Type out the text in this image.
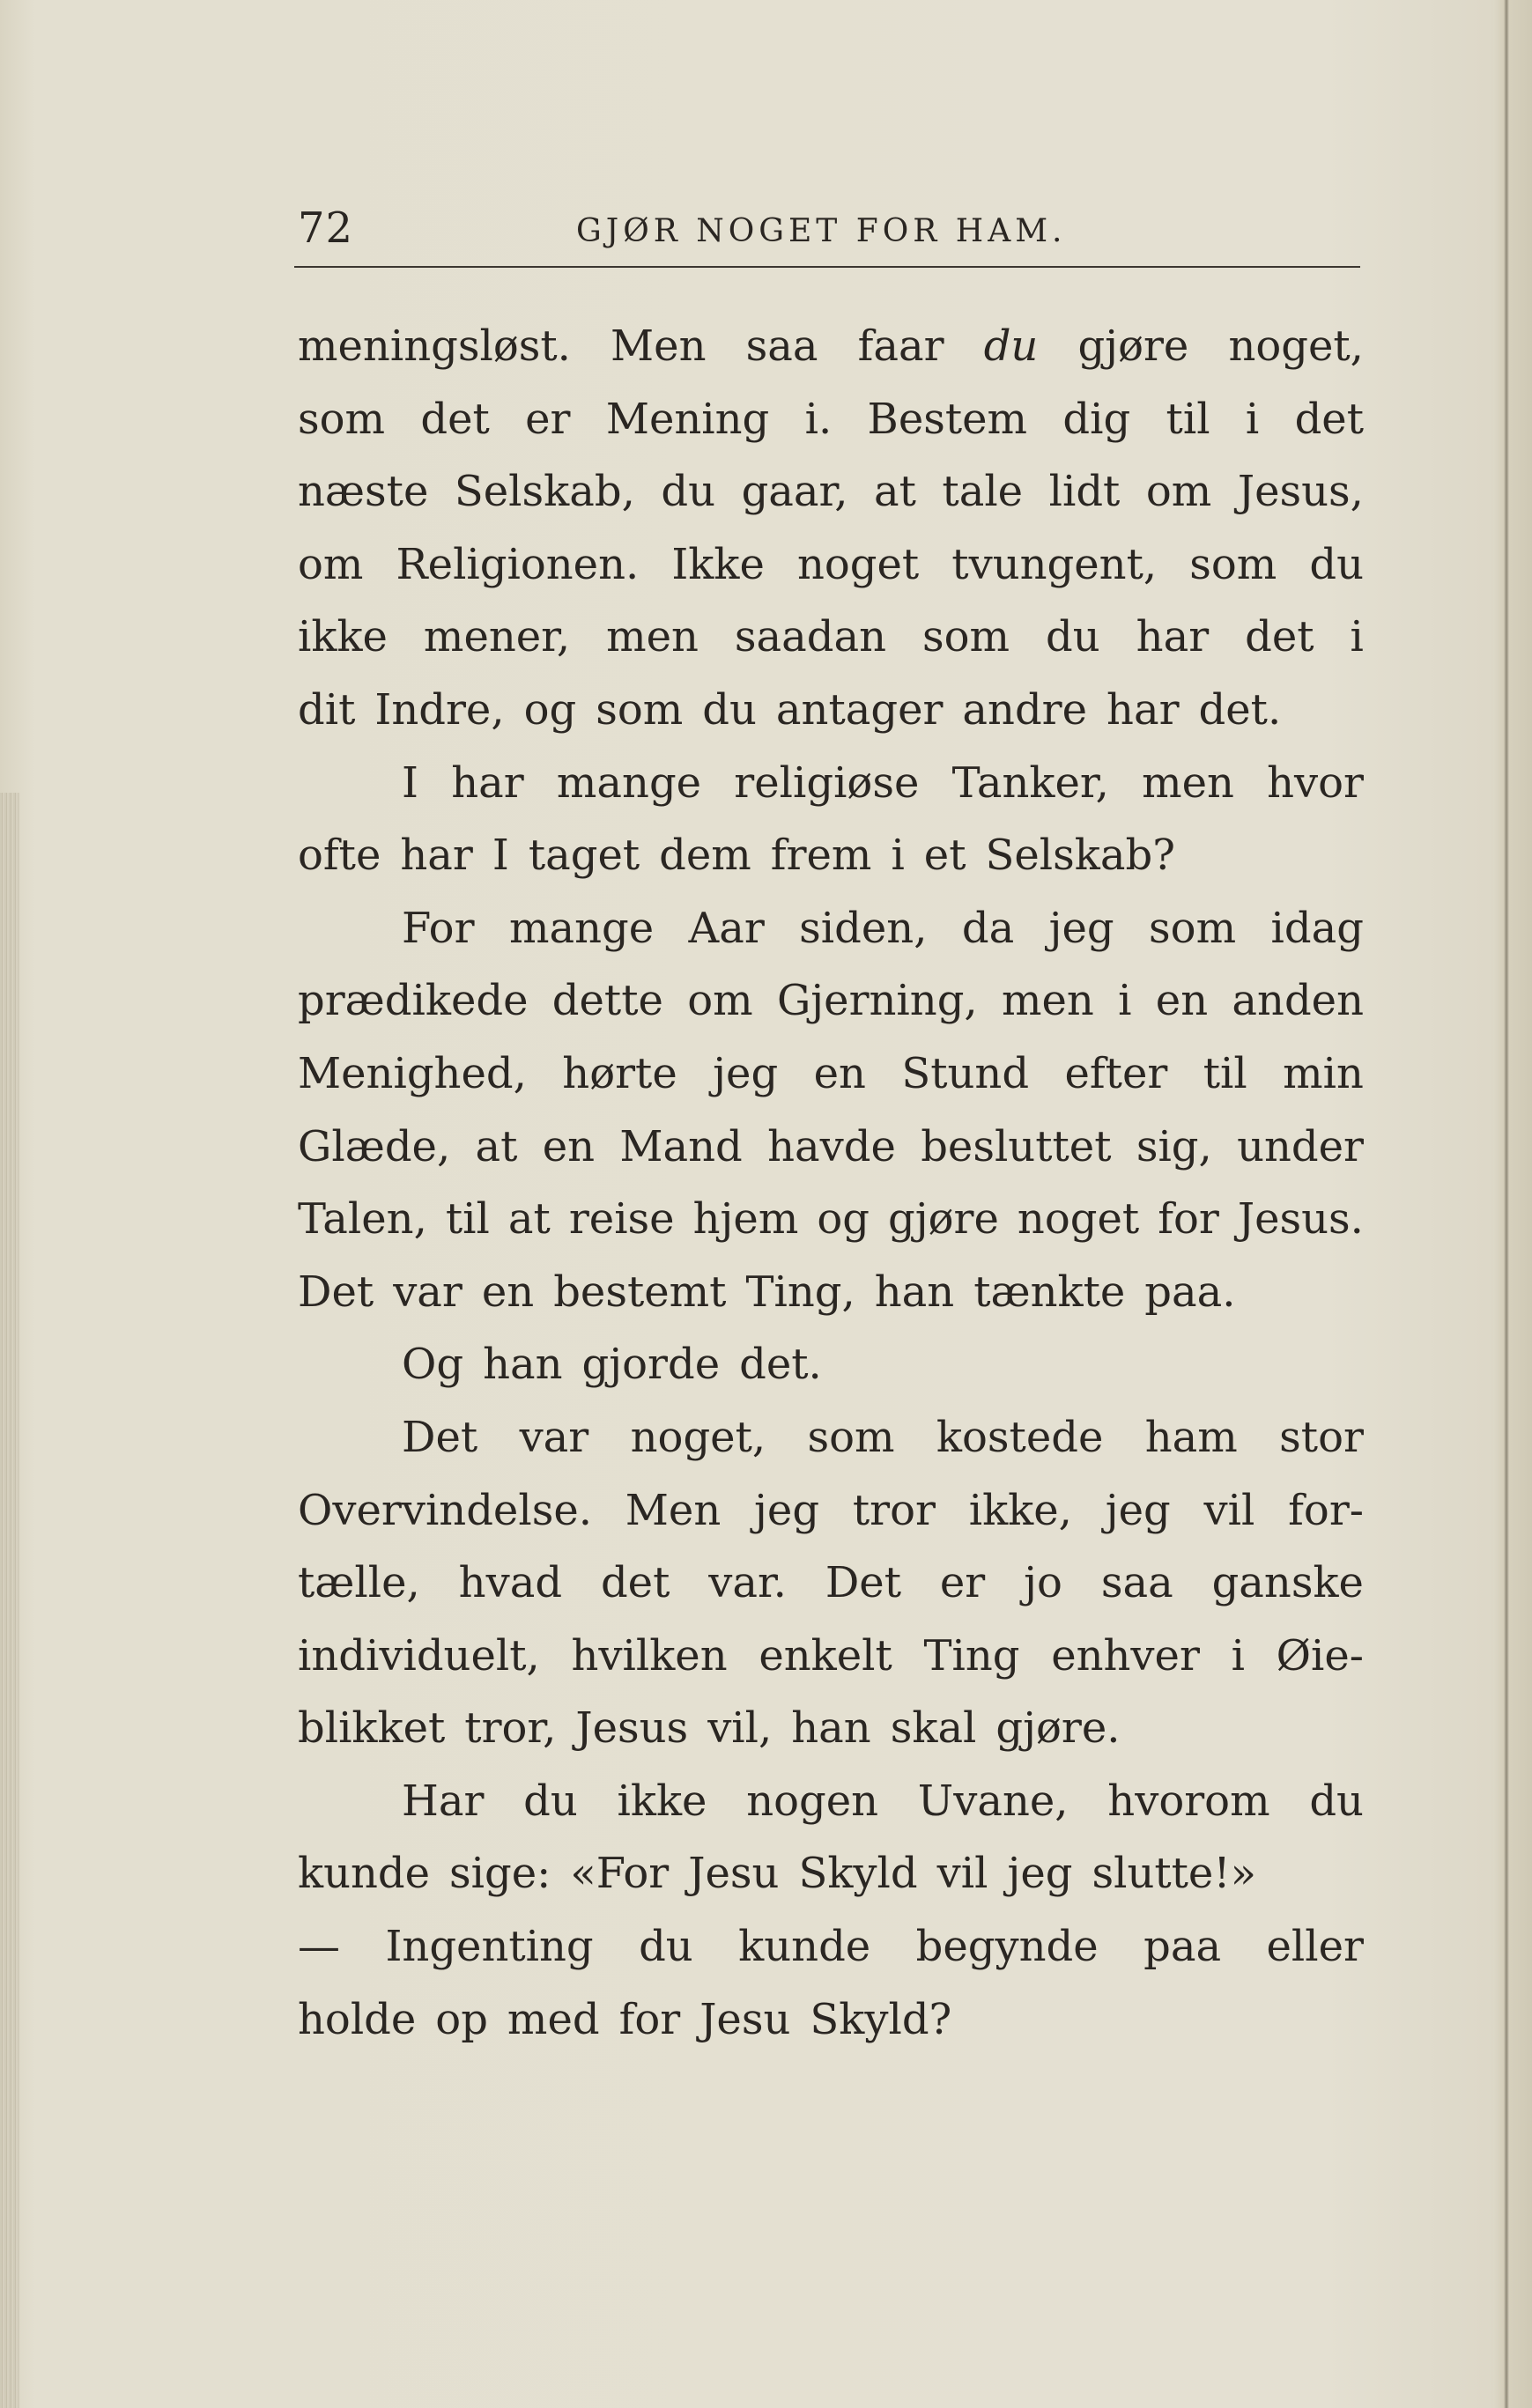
72	GJØR NOGET FOR HAM.
meningsløst. Men saa faar du gjøre noget,
som det er Mening i. Bestem dig til i det
næste Selskab, du gaar, at tale lidt om Jesus,
om Religionen. Ikke noget tvungent, som du
ikke mener, men saadan som du har det i
dit Indre, og som du antager andre har det.
I har mange religiøse Tanker, men hvor
ofte har I taget dem frem i et Selskab?
For mange Aar siden, da jeg som idag
prædikede dette om Gjerning, men i en anden
Menighed, hørte jeg en Stund efter til min
Glæde, at en Mand havde besluttet sig, under
Talen, til at reise hjem og gjøre noget for Jesus.
Det var en bestemt Ting, han tænkte paa.
Og han gjorde det.
Det var noget, som kostede ham stor
Overvindelse. Men jeg tror ikke, jeg vil for-
tælle, hvad det var. Det er jo saa ganske
individuelt, hvilken enkelt Ting enhver i Øie-
blikket tror, Jesus vil, han skal gjøre.
Har du ikke nogen Uvane, hvorom du
kunde sige: «For Jesu Skyld vil jeg slutte!»
— Ingenting du kunde begynde paa eller
holde op med for Jesu Skyld?
